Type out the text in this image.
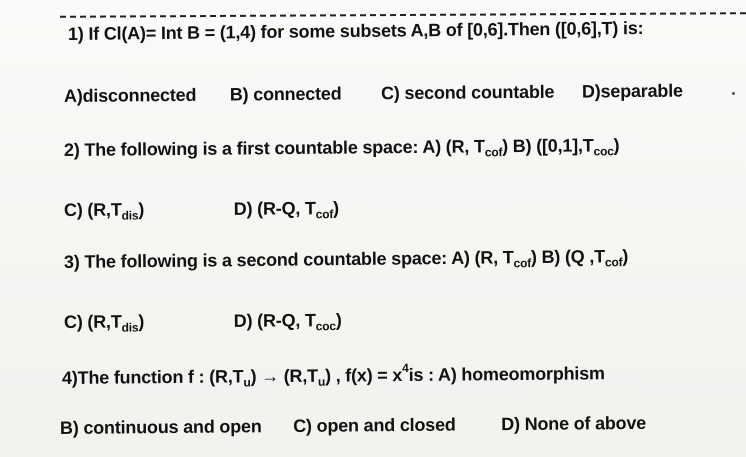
1) If Cl(A)= Int B = (1,4) for some subsets A,B of [0,6].Then ([0,6],T) is:
A)disconnected B) connected C) second countable D)separable
2) The following is a first countable space: A) (R, $T_{cof}$) B) $([0,1],T_{coc})$
C) $(R,T_{dis})$	D) (R-Q, $T_{cof}$)
3) The following is a second countable space: A) (R, $T_{cof}$) B) (Q $,T_{cof}$)
C) $(R,T_{dis})$	D) (R-Q, $T_{coc}$)
4)The function f : $(R,T_u) \to (R,T_u)$ , $f(x) = x^4is$ : A) homeomorphism
B) continuous and open C) open and closed	D) None of above
